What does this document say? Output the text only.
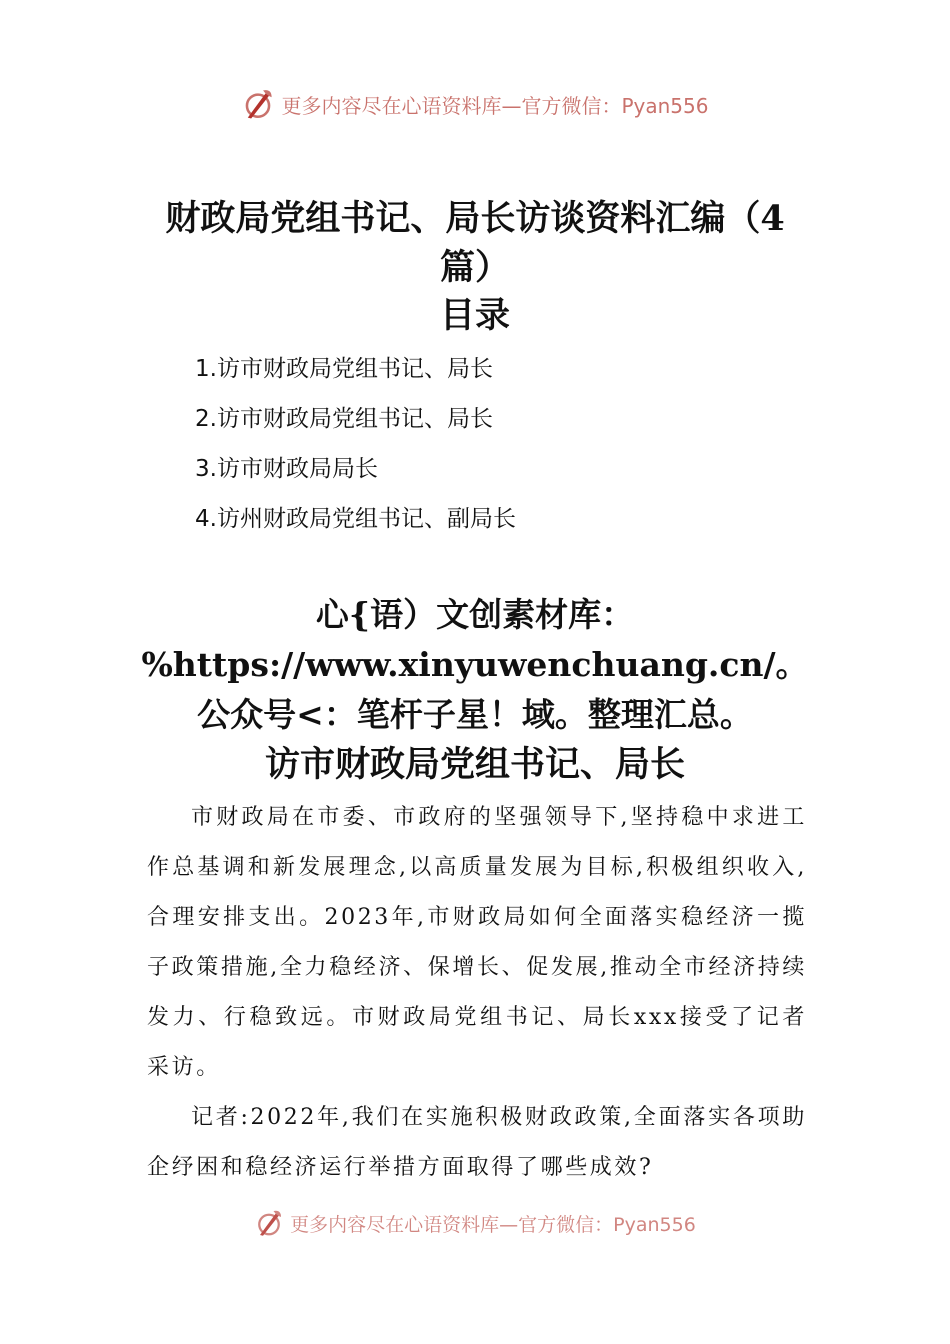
更多内容尽在心语资料库—官方微信：Pyan556
财政局党组书记、局长访谈资料汇编（4篇）
目录
1.访市财政局党组书记、局长
2.访市财政局党组书记、局长
3.访市财政局局长
4.访州财政局党组书记、副局长
心{语）文创素材库：%https://www.xinyuwenchuang.cn/。公众号<：笔杆子星！域。整理汇总。
访市财政局党组书记、局长

市财政局在市委、市政府的坚强领导下,坚持稳中求进工作总基调和新发展理念,以高质量发展为目标,积极组织收入,合理安排支出。2023年,市财政局如何全面落实稳经济一揽子政策措施,全力稳经济、保增长、促发展,推动全市经济持续发力、行稳致远。市财政局党组书记、局长xxx接受了记者采访。

记者:2022年,我们在实施积极财政政策,全面落实各项助企纾困和稳经济运行举措方面取得了哪些成效?

更多内容尽在心语资料库—官方微信：Pyan556
